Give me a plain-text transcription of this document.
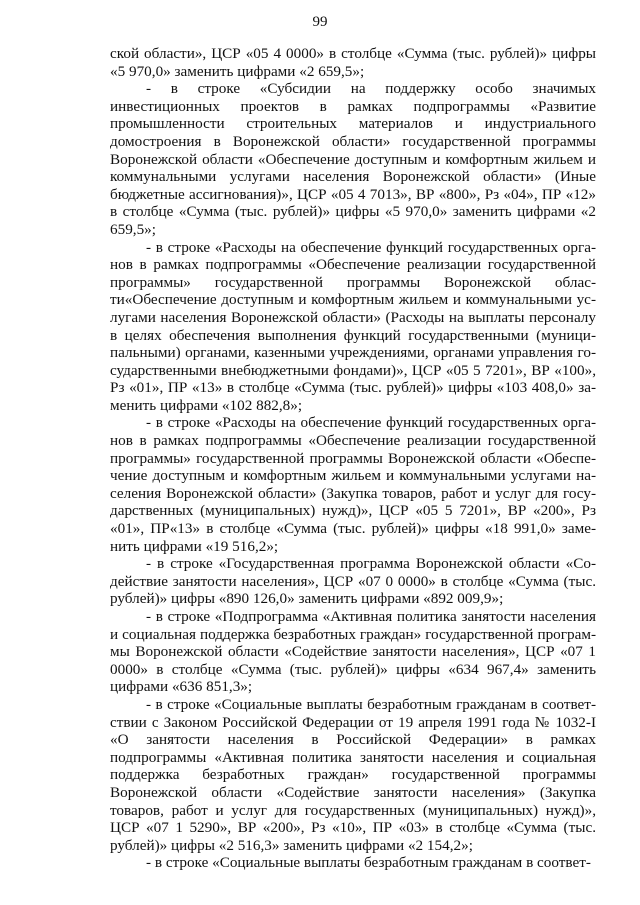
99

ской области», ЦСР «05 4 0000» в столбце «Сумма (тыс. рублей)» цифры «5 970,0» заменить цифрами «2 659,5»;

- в строке «Субсидии на поддержку особо значимых инвестиционных проектов в рамках подпрограммы «Развитие промышленности строительных материалов и индустриального домостроения в Воронежской области» государственной программы Воронежской области «Обеспечение доступным и комфортным жильем и коммунальными услугами населения Воронежской области» (Иные бюджетные ассигнования)», ЦСР «05 4 7013», ВР «800», Рз «04», ПР «12» в столбце «Сумма (тыс. рублей)» цифры «5 970,0» заменить цифрами «2 659,5»;

- в строке «Расходы на обеспечение функций государственных органов в рамках подпрограммы «Обеспечение реализации государственной программы» государственной программы Воронежской области«Обеспечение доступным и комфортным жильем и коммунальными услугами населения Воронежской области» (Расходы на выплаты персоналу в целях обеспечения выполнения функций государственными (муниципальными) органами, казенными учреждениями, органами управления государственными внебюджетными фондами)», ЦСР «05 5 7201», ВР «100», Рз «01», ПР «13» в столбце «Сумма (тыс. рублей)» цифры «103 408,0» заменить цифрами «102 882,8»;

- в строке «Расходы на обеспечение функций государственных органов в рамках подпрограммы «Обеспечение реализации государственной программы» государственной программы Воронежской области «Обеспечение доступным и комфортным жильем и коммунальными услугами населения Воронежской области» (Закупка товаров, работ и услуг для государственных (муниципальных) нужд)», ЦСР «05 5 7201», ВР «200», Рз «01», ПР«13» в столбце «Сумма (тыс. рублей)» цифры «18 991,0» заменить цифрами «19 516,2»;

- в строке «Государственная программа Воронежской области «Содействие занятости населения», ЦСР «07 0 0000» в столбце «Сумма (тыс. рублей)» цифры «890 126,0» заменить цифрами «892 009,9»;

- в строке «Подпрограмма «Активная политика занятости населения и социальная поддержка безработных граждан» государственной программы Воронежской области «Содействие занятости населения», ЦСР «07 1 0000» в столбце «Сумма (тыс. рублей)» цифры «634 967,4» заменить цифрами «636 851,3»;

- в строке «Социальные выплаты безработным гражданам в соответствии с Законом Российской Федерации от 19 апреля 1991 года № 1032-I «О занятости населения в Российской Федерации» в рамках подпрограммы «Активная политика занятости населения и социальная поддержка безработных граждан» государственной программы Воронежской области «Содействие занятости населения» (Закупка товаров, работ и услуг для государственных (муниципальных) нужд)», ЦСР «07 1 5290», ВР «200», Рз «10», ПР «03» в столбце «Сумма (тыс. рублей)» цифры «2 516,3» заменить цифрами «2 154,2»;

- в строке «Социальные выплаты безработным гражданам в соответ-
